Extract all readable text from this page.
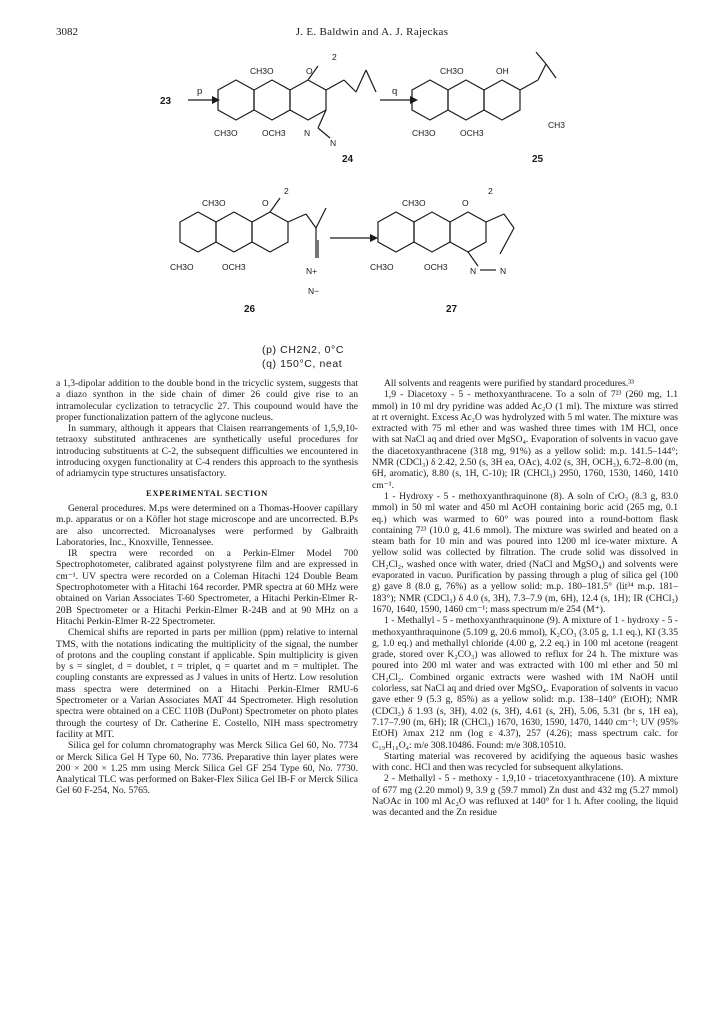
3082	J. E. Baldwin and A. J. Rajeckas
23
p	q
CH3O	O
2
CH3O	OCH3 N
N
24
CH3O	OH
CH3
CH3O	OCH3
25
CH3O	O
2
CH3O	OCH3	N+
N−
26
CH3O	O
2
CH3O	OCH3	N	N
27
(p) CH2N2, 0°C
(q) 150°C, neat

a 1,3-dipolar addition to the double bond in the tricyclic system, suggests that a diazo synthon in the side chain of dimer 26 could give rise to an intramolecular cyclization to tetracyclic 27. This coupound would have the proper functionalization pattern of the aglycone nucleus.

In summary, although it appears that Claisen rearrangements of 1,5,9,10-tetraoxy substituted anthracenes are synthetically useful procedures for introducing substituents at C-2, the subsequent difficulties we encountered in introducing oxygen functionality at C-4 renders this approach to the synthesis of adriamycin type structures unsatisfactory.

EXPERIMENTAL SECTION

General procedures. M.ps were determined on a Thomas-Hoover capillary m.p. apparatus or on a Köfler hot stage microscope and are uncorrected. B.Ps are also uncorrected. Microanalyses were performed by Galbraith Laboratories, Inc., Knoxville, Tennessee.

IR spectra were recorded on a Perkin-Elmer Model 700 Spectrophotometer, calibrated against polystyrene film and are expressed in cm⁻¹. UV spectra were recorded on a Coleman Hitachi 124 Double Beam Spectrophotometer with a Hitachi 164 recorder. PMR spectra at 60 MHz were obtained on Varian Associates T-60 Spectrometer, a Hitachi Perkin-Elmer R-20B Spectrometer or a Hitachi Perkin-Elmer R-24B and at 90 MHz on a Hitachi Perkin-Elmer R-22 Spectrometer.

Chemical shifts are reported in parts per million (ppm) relative to internal TMS, with the notations indicating the multiplicity of the signal, the number of protons and the coupling constant if applicable. Spin multiplicity is given by s = singlet, d = doublet, t = triplet, q = quartet and m = multiplet. The coupling constants are expressed as J values in units of Hertz. Low resolution mass spectra were determined on a Hitachi Perkin-Elmer RMU-6 Spectrometer or a Varian Associates MAT 44 Spectrometer. High resolution spectra were obtained on a CEC 110B (DuPont) Spectrometer on photo plates through the courtesy of Dr. Catherine E. Costello, NIH mass spectrometry facility at MIT.

Silica gel for column chromatography was Merck Silica Gel 60, No. 7734 or Merck Silica Gel H Type 60, No. 7736. Preparative thin layer plates were 200 × 200 × 1.25 mm using Merck Silica Gel GF 254 Type 60, No. 7730. Analytical TLC was performed on Baker-Flex Silica Gel IB-F or Merck Silica Gel 60 F-254, No. 5765.

All solvents and reagents were purified by standard procedures.³³

1,9 - Diacetoxy - 5 - methoxyanthracene. To a soln of 7²³ (260 mg, 1.1 mmol) in 10 ml dry pyridine was added Ac₂O (1 ml). The mixture was stirred at rt overnight. Excess Ac₂O was hydrolyzed with 5 ml water. The mixture was extracted with 75 ml ether and was washed three times with 1M HCl, once with sat NaCl aq and dried over MgSO₄. Evaporation of solvents in vacuo gave the diacetoxyanthracene (318 mg, 91%) as a yellow solid: m.p. 141.5–144°; NMR (CDCl₃) δ 2.42, 2.50 (s, 3H ea, OAc), 4.02 (s, 3H, OCH₃), 6.72–8.00 (m, 6H, aromatic), 8.80 (s, 1H, C-10); IR (CHCl₃) 2950, 1760, 1530, 1460, 1410 cm⁻¹.

1 - Hydroxy - 5 - methoxyanthraquinone (8). A soln of CrO₃ (8.3 g, 83.0 mmol) in 50 ml water and 450 ml AcOH containing boric acid (265 mg, 0.1 eq.) which was warmed to 60° was poured into a round-bottom flask containing 7²³ (10.0 g, 41.6 mmol). The mixture was swirled and heated on a steam bath for 10 min and was poured into 1200 ml ice-water mixture. A yellow solid was collected by filtration. The crude solid was dissolved in CH₂Cl₂, washed once with water, dried (NaCl and MgSO₄) and solvents were evaporated in vacuo. Purification by passing through a plug of silica gel (100 g) gave 8 (8.0 g, 76%) as a yellow solid: m.p. 180–181.5° (lit³⁴ m.p. 181–183°); NMR (CDCl₃) δ 4.0 (s, 3H), 7.3–7.9 (m, 6H), 12.4 (s, 1H); IR (CHCl₃) 1670, 1640, 1590, 1460 cm⁻¹; mass spectrum m/e 254 (M⁺).

1 - Methallyl - 5 - methoxyanthraquinone (9). A mixture of 1 - hydroxy - 5 - methoxyanthraquinone (5.109 g, 20.6 mmol), K₂CO₃ (3.05 g, 1.1 eq.), KI (3.35 g, 1.0 eq.) and methallyl chloride (4.00 g, 2.2 eq.) in 100 ml acetone (reagent grade, stored over K₂CO₃) was allowed to reflux for 24 h. The mixture was poured into 200 ml water and was extracted with 100 ml ether and 50 ml CH₂Cl₂. Combined organic extracts were washed with 1M NaOH until colorless, sat NaCl aq and dried over MgSO₄. Evaporation of solvents in vacuo gave ether 9 (5.3 g, 85%) as a yellow solid: m.p. 138–140° (EtOH); NMR (CDCl₃) δ 1.93 (s, 3H), 4.02 (s, 3H), 4.61 (s, 2H), 5.06, 5.31 (br s, 1H ea), 7.17–7.90 (m, 6H); IR (CHCl₃) 1670, 1630, 1590, 1470, 1440 cm⁻¹; UV (95% EtOH) λmax 212 nm (log ε 4.37), 257 (4.26); mass spectrum calc. for C₁₉H₁₆O₄: m/e 308.10486. Found: m/e 308.10510.

Starting material was recovered by acidifying the aqueous basic washes with conc. HCl and then was recycled for subsequent alkylations.

2 - Methallyl - 5 - methoxy - 1,9,10 - triacetoxyanthracene (10). A mixture of 677 mg (2.20 mmol) 9, 3.9 g (59.7 mmol) Zn dust and 432 mg (5.27 mmol) NaOAc in 100 ml Ac₂O was refluxed at 140° for 1 h. After cooling, the liquid was decanted and the Zn residue
